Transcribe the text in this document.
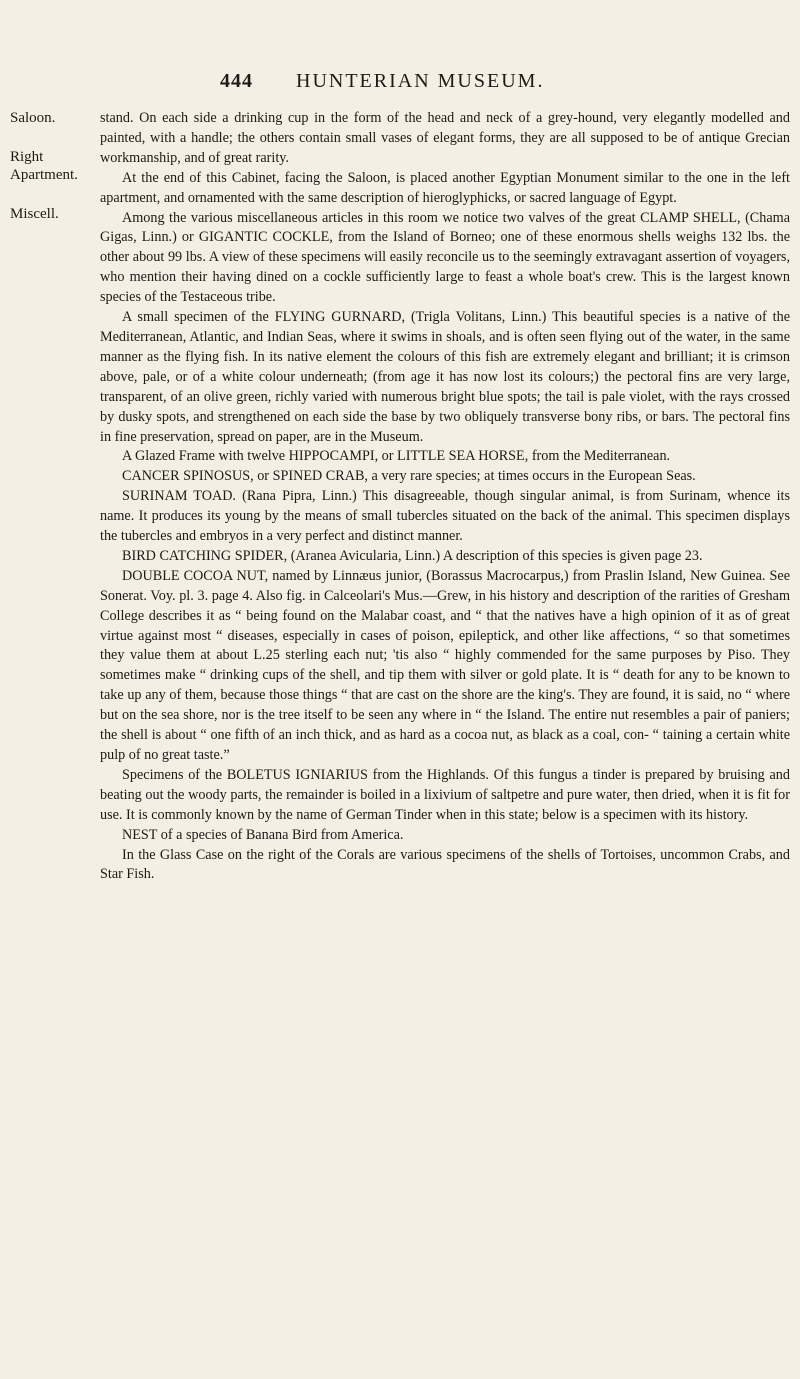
444 HUNTERIAN MUSEUM.
Saloon.
Right Apartment.
Miscell.

stand. On each side a drinking cup in the form of the head and neck of a grey-hound, very elegantly modelled and painted, with a handle; the others contain small vases of elegant forms, they are all supposed to be of antique Grecian workmanship, and of great rarity.

At the end of this Cabinet, facing the Saloon, is placed another Egyptian Monument similar to the one in the left apartment, and ornamented with the same description of hieroglyphicks, or sacred language of Egypt.

Among the various miscellaneous articles in this room we notice two valves of the great CLAMP SHELL, (Chama Gigas, Linn.) or GIGANTIC COCKLE, from the Island of Borneo; one of these enormous shells weighs 132 lbs. the other about 99 lbs. A view of these specimens will easily reconcile us to the seemingly extravagant assertion of voyagers, who mention their having dined on a cockle sufficiently large to feast a whole boat's crew. This is the largest known species of the Testaceous tribe.

A small specimen of the FLYING GURNARD, (Trigla Volitans, Linn.) This beautiful species is a native of the Mediterranean, Atlantic, and Indian Seas, where it swims in shoals, and is often seen flying out of the water, in the same manner as the flying fish. In its native element the colours of this fish are extremely elegant and brilliant; it is crimson above, pale, or of a white colour underneath; (from age it has now lost its colours;) the pectoral fins are very large, transparent, of an olive green, richly varied with numerous bright blue spots; the tail is pale violet, with the rays crossed by dusky spots, and strengthened on each side the base by two obliquely transverse bony ribs, or bars. The pectoral fins in fine preservation, spread on paper, are in the Museum.

A Glazed Frame with twelve HIPPOCAMPI, or LITTLE SEA HORSE, from the Mediterranean.

CANCER SPINOSUS, or SPINED CRAB, a very rare species; at times occurs in the European Seas.

SURINAM TOAD. (Rana Pipra, Linn.) This disagreeable, though singular animal, is from Surinam, whence its name. It produces its young by the means of small tubercles situated on the back of the animal. This specimen displays the tubercles and embryos in a very perfect and distinct manner.

BIRD CATCHING SPIDER, (Aranea Avicularia, Linn.) A description of this species is given page 23.

DOUBLE COCOA NUT, named by Linnæus junior, (Borassus Macrocarpus,) from Praslin Island, New Guinea. See Sonerat. Voy. pl. 3. page 4. Also fig. in Calceolari's Mus.—Grew, in his history and description of the rarities of Gresham College describes it as “ being found on the Malabar coast, and “ that the natives have a high opinion of it as of great virtue against most “ diseases, especially in cases of poison, epileptick, and other like affections, “ so that sometimes they value them at about L.25 sterling each nut; 'tis also “ highly commended for the same purposes by Piso. They sometimes make “ drinking cups of the shell, and tip them with silver or gold plate. It is “ death for any to be known to take up any of them, because those things “ that are cast on the shore are the king's. They are found, it is said, no “ where but on the sea shore, nor is the tree itself to be seen any where in “ the Island. The entire nut resembles a pair of paniers; the shell is about “ one fifth of an inch thick, and as hard as a cocoa nut, as black as a coal, con- “ taining a certain white pulp of no great taste.”

Specimens of the BOLETUS IGNIARIUS from the Highlands. Of this fungus a tinder is prepared by bruising and beating out the woody parts, the remainder is boiled in a lixivium of saltpetre and pure water, then dried, when it is fit for use. It is commonly known by the name of German Tinder when in this state; below is a specimen with its history.

NEST of a species of Banana Bird from America.

In the Glass Case on the right of the Corals are various specimens of the shells of Tortoises, uncommon Crabs, and Star Fish.
